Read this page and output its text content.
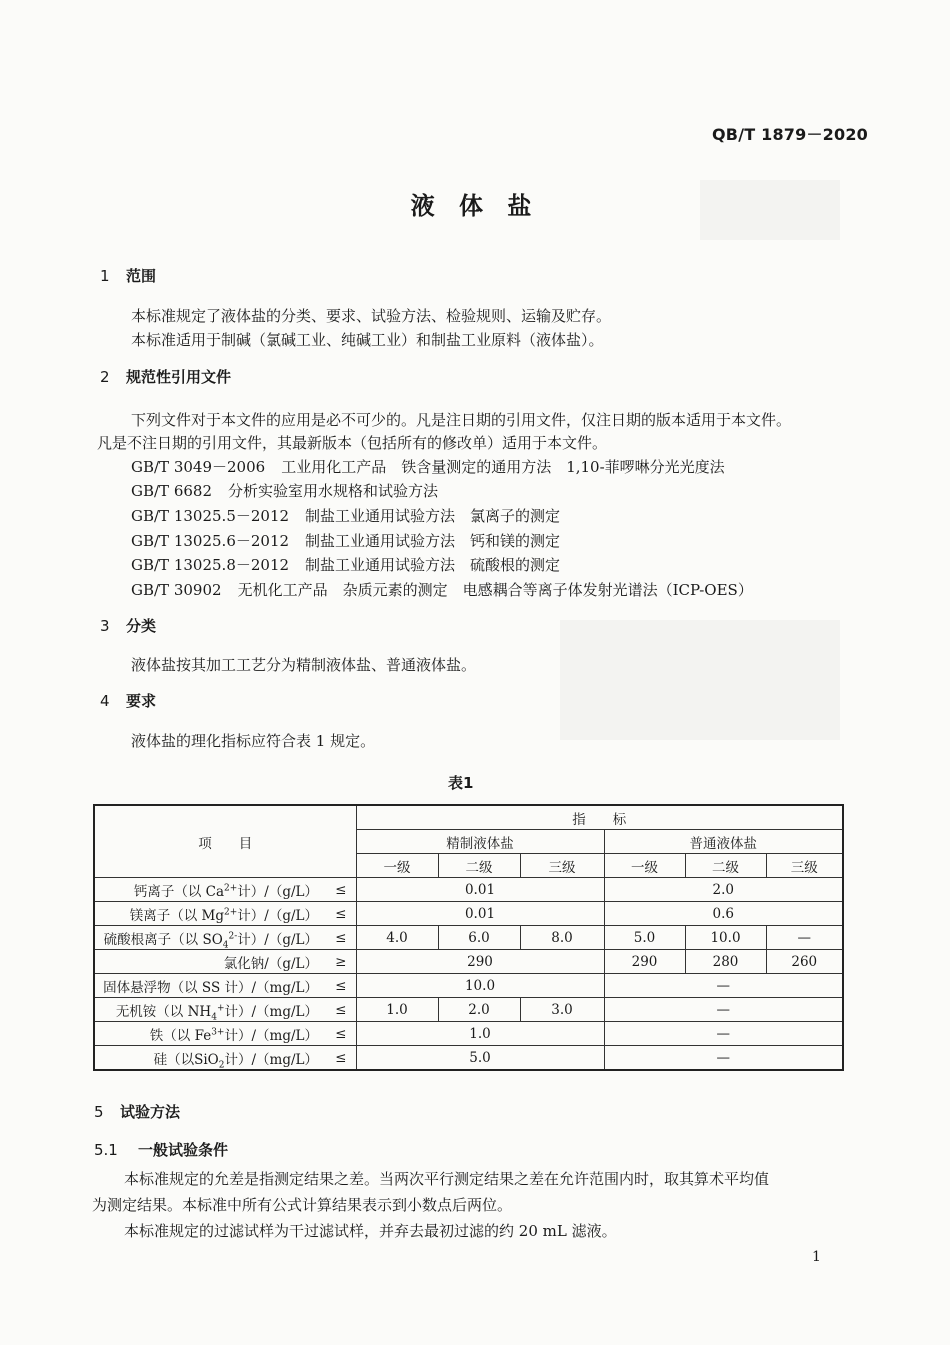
QB/T 1879－2020
液 体 盐
1 范围
本标准规定了液体盐的分类、要求、试验方法、检验规则、运输及贮存。
本标准适用于制碱（氯碱工业、纯碱工业）和制盐工业原料（液体盐）。
2 规范性引用文件
下列文件对于本文件的应用是必不可少的。凡是注日期的引用文件，仅注日期的版本适用于本文件。
凡是不注日期的引用文件，其最新版本（包括所有的修改单）适用于本文件。
GB/T 3049－2006 工业用化工产品　铁含量测定的通用方法　1,10-菲啰啉分光光度法
GB/T 6682 分析实验室用水规格和试验方法
GB/T 13025.5－2012 制盐工业通用试验方法　氯离子的测定
GB/T 13025.6－2012 制盐工业通用试验方法　钙和镁的测定
GB/T 13025.8－2012 制盐工业通用试验方法　硫酸根的测定
GB/T 30902 无机化工产品　杂质元素的测定　电感耦合等离子体发射光谱法（ICP-OES）
3 分类
液体盐按其加工工艺分为精制液体盐、普通液体盐。
4 要求
液体盐的理化指标应符合表 1 规定。
表1
项　　目		指　　标					
		精制液体盐			普通液体盐		
		一级	二级	三级	一级	二级	三级
钙离子（以 $Ca^{2+}$计）/（g/L）	≤	0.01			2.0		
镁离子（以 $Mg^{2+}$计）/（g/L）	≤	0.01			0.6		
硫酸根离子（以 $SO_4^{2-}$计）/（g/L）	≤	4.0	6.0	8.0	5.0	10.0	—
氯化钠/（g/L）	≥	290			290	280	260
固体悬浮物（以 SS 计）/（mg/L）	≤	10.0			—		
无机铵（以 $NH_4^+$计）/（mg/L）	≤	1.0	2.0	3.0	—		
铁（以 $Fe^{3+}$计）/（mg/L）	≤	1.0			—		
硅（以SiO$_2$计）/（mg/L）	≤	5.0			—		
5 试验方法
5.1 一般试验条件
本标准规定的允差是指测定结果之差。当两次平行测定结果之差在允许范围内时，取其算术平均值
为测定结果。本标准中所有公式计算结果表示到小数点后两位。
本标准规定的过滤试样为干过滤试样，并弃去最初过滤的约 20 mL 滤液。
1
